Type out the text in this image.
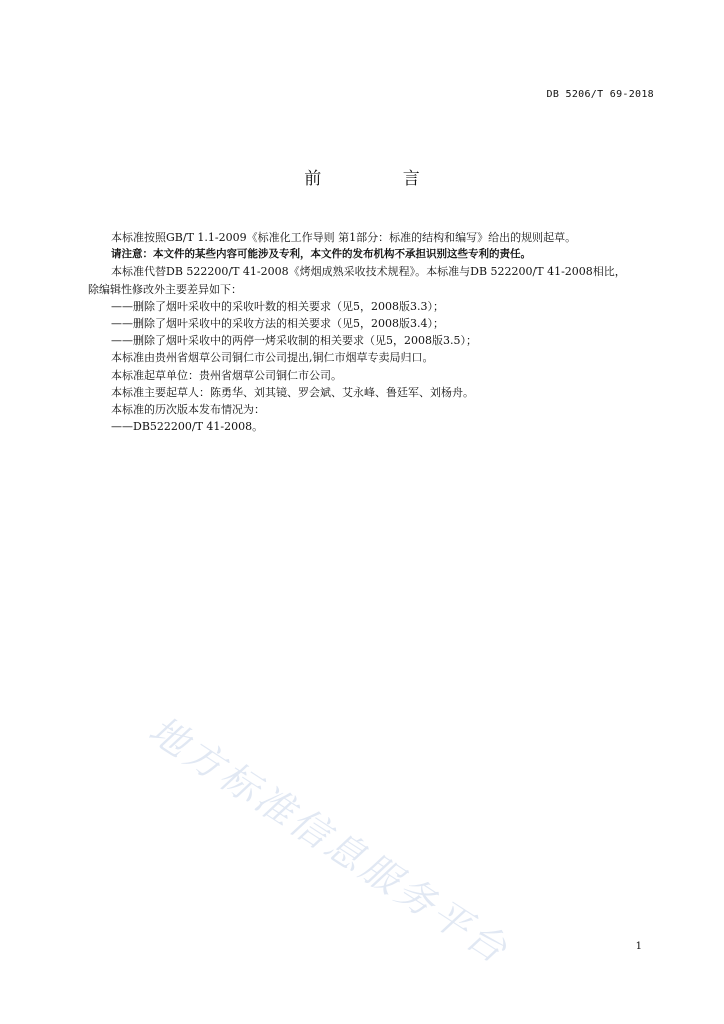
DB 5206/T 69-2018
前 言

本标准按照GB/T 1.1-2009《标准化工作导则 第1部分：标准的结构和编写》给出的规则起草。

请注意：本文件的某些内容可能涉及专利，本文件的发布机构不承担识别这些专利的责任。

本标准代替DB 522200/T 41-2008《烤烟成熟采收技术规程》。本标准与DB 522200/T 41-2008相比，

除编辑性修改外主要差异如下：

——删除了烟叶采收中的采收叶数的相关要求（见5，2008版3.3）；

——删除了烟叶采收中的采收方法的相关要求（见5，2008版3.4）；

——删除了烟叶采收中的两停一烤采收制的相关要求（见5，2008版3.5）；

本标准由贵州省烟草公司铜仁市公司提出,铜仁市烟草专卖局归口。

本标准起草单位：贵州省烟草公司铜仁市公司。

本标准主要起草人：陈勇华、刘其镜、罗会斌、艾永峰、鲁廷军、刘杨舟。

本标准的历次版本发布情况为：

——DB522200/T 41-2008。

地方标准信息服务平台	1
